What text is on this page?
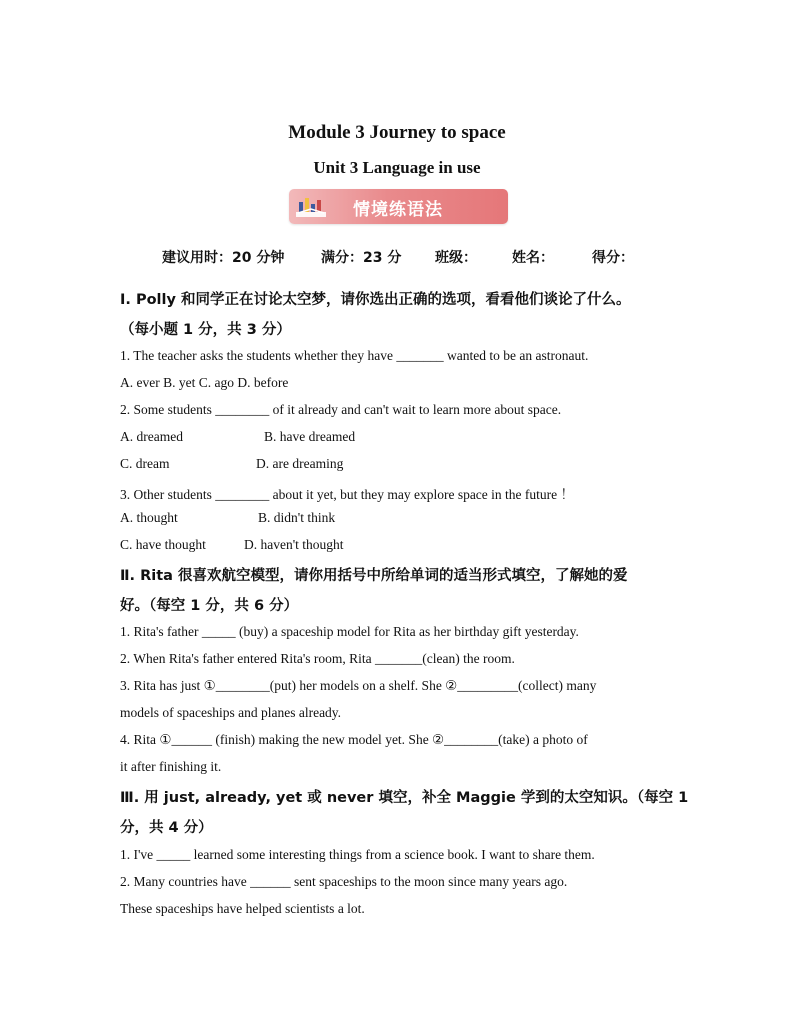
Module 3 Journey to space
Unit 3 Language in use
情境练语法
建议用时：20 分钟	满分：23 分 班级：	姓名：	得分：
I. Polly 和同学正在讨论太空梦，请你选出正确的选项，看看他们谈论了什么。
（每小题 1 分，共 3 分）
1. The teacher asks the students whether they have _______ wanted to be an astronaut.
A. ever B. yet C. ago D. before
2. Some students ________ of it already and can't wait to learn more about space.
A. dreamed	B. have dreamed
C. dream	D. are dreaming
3. Other students ________ about it yet, but they may explore space in the future ！
A. thought	B. didn't think
C. have thought	D. haven't thought
Ⅱ. Rita 很喜欢航空模型，请你用括号中所给单词的适当形式填空，了解她的爱
好。（每空 1 分，共 6 分）
1. Rita's father _____ (buy) a spaceship model for Rita as her birthday gift yesterday.
2. When Rita's father entered Rita's room, Rita _______(clean) the room.
3. Rita has just ①________(put) her models on a shelf. She ②_________(collect) many
models of spaceships and planes already.
4. Rita ①______ (finish) making the new model yet. She ②________(take) a photo of
it after finishing it.
Ⅲ. 用 just, already, yet 或 never 填空，补全 Maggie 学到的太空知识。（每空 1
分，共 4 分）
1. I've _____ learned some interesting things from a science book. I want to share them.
2. Many countries have ______ sent spaceships to the moon since many years ago.
These spaceships have helped scientists a lot.
